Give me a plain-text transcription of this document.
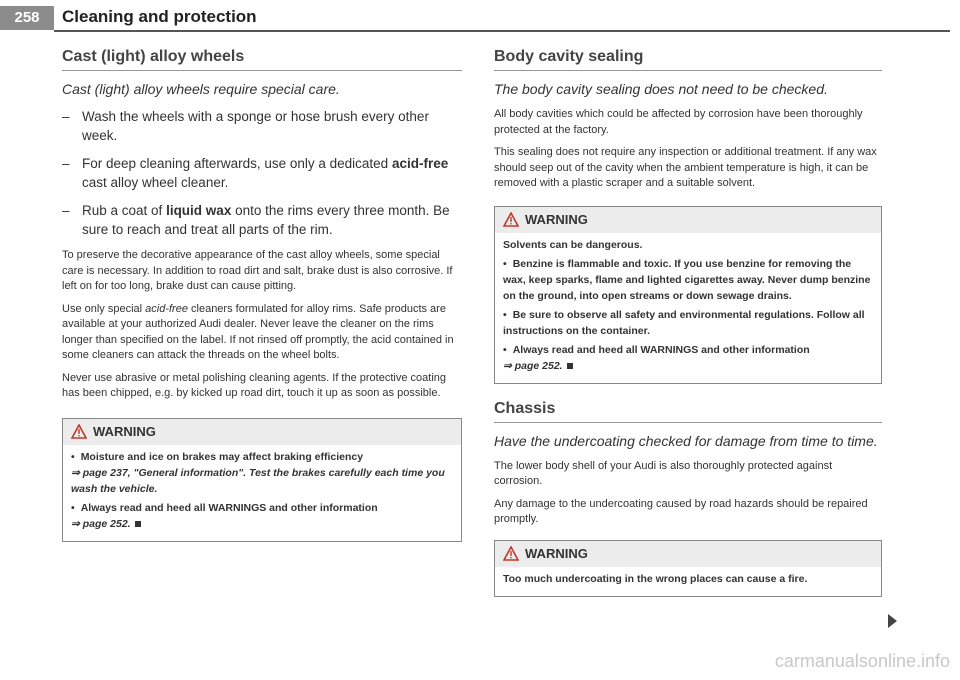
258	Cleaning and protection
Cast (light) alloy wheels
Cast (light) alloy wheels require special care.
– Wash the wheels with a sponge or hose brush every other week.
– For deep cleaning afterwards, use only a dedicated acid-free cast alloy wheel cleaner.
– Rub a coat of liquid wax onto the rims every three month. Be sure to reach and treat all parts of the rim.

To preserve the decorative appearance of the cast alloy wheels, some special care is necessary. In addition to road dirt and salt, brake dust is also corrosive. If left on for too long, brake dust can cause pitting.

Use only special acid-free cleaners formulated for alloy rims. Safe products are available at your authorized Audi dealer. Never leave the cleaner on the rims longer than specified on the label. If not rinsed off promptly, the acid contained in some cleaners can attack the threads on the wheel bolts.

Never use abrasive or metal polishing cleaning agents. If the protective coating has been chipped, e.g. by kicked up road dirt, touch it up as soon as possible.

WARNING

• Moisture and ice on brakes may affect braking efficiency
⇒ page 237, "General information". Test the brakes carefully each time you wash the vehicle.

• Always read and heed all WARNINGS and other information
⇒ page 252.

Body cavity sealing
The body cavity sealing does not need to be checked.

All body cavities which could be affected by corrosion have been thoroughly protected at the factory.

This sealing does not require any inspection or additional treatment. If any wax should seep out of the cavity when the ambient temperature is high, it can be removed with a plastic scraper and a suitable solvent.

WARNING

Solvents can be dangerous.

• Benzine is flammable and toxic. If you use benzine for removing the wax, keep sparks, flame and lighted cigarettes away. Never dump benzine on the ground, into open streams or down sewage drains.

• Be sure to observe all safety and environmental regulations. Follow all instructions on the container.

• Always read and heed all WARNINGS and other information
⇒ page 252.

Chassis
Have the undercoating checked for damage from time to time.

The lower body shell of your Audi is also thoroughly protected against corrosion.

Any damage to the undercoating caused by road hazards should be repaired promptly.

WARNING

Too much undercoating in the wrong places can cause a fire.

carmanualsonline.info
